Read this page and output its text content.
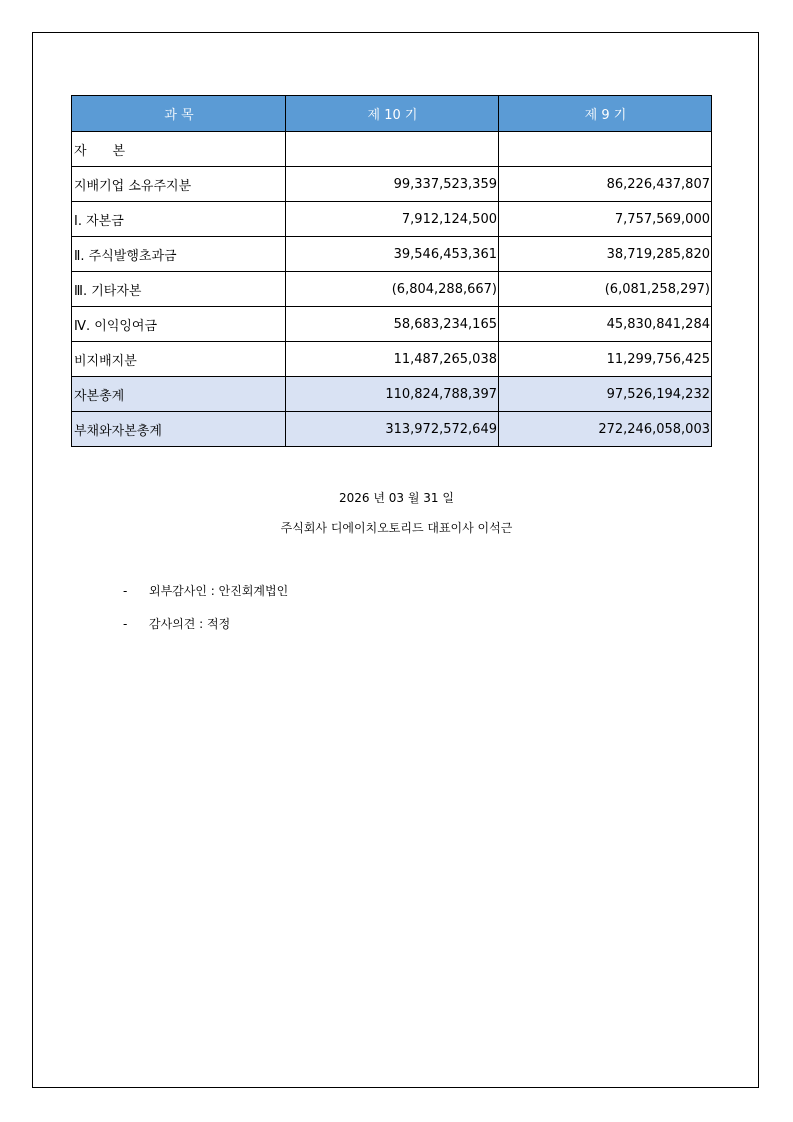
과 목	제 10 기	제 9 기
자　　본		
지배기업 소유주지분	99,337,523,359	86,226,437,807
Ⅰ. 자본금	7,912,124,500	7,757,569,000
Ⅱ. 주식발행초과금	39,546,453,361	38,719,285,820
Ⅲ. 기타자본	(6,804,288,667)	(6,081,258,297)
Ⅳ. 이익잉여금	58,683,234,165	45,830,841,284
비지배지분	11,487,265,038	11,299,756,425
자본총계	110,824,788,397	97,526,194,232
부채와자본총계	313,972,572,649	272,246,058,003
2026 년 03 월 31 일
주식회사 디에이치오토리드 대표이사 이석근
- 외부감사인 : 안진회계법인
- 감사의견 : 적정
